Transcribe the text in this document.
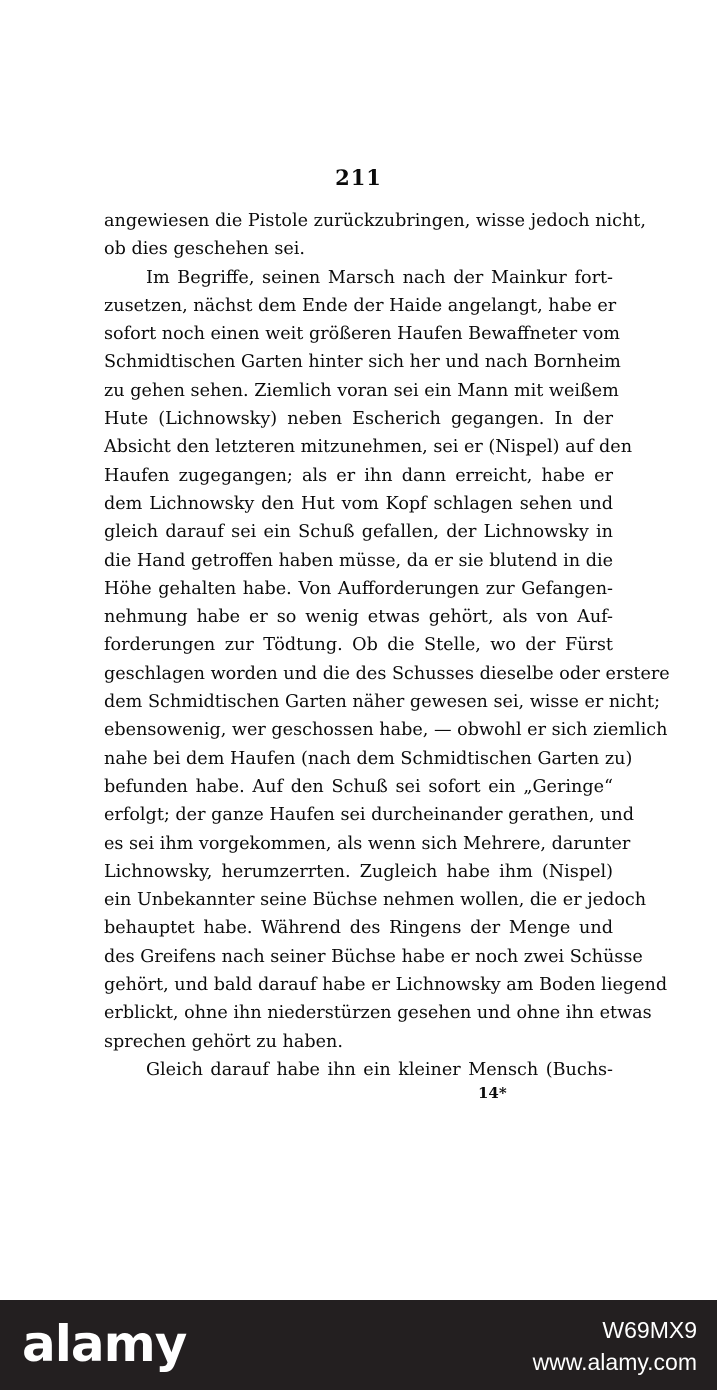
211
angewiesen die Pistole zurückzubringen, wisse jedoch nicht,
ob dies geschehen sei.
Im Begriffe, seinen Marsch nach der Mainkur fort-
zusetzen, nächst dem Ende der Haide angelangt, habe er
sofort noch einen weit größeren Haufen Bewaffneter vom
Schmidtischen Garten hinter sich her und nach Bornheim
zu gehen sehen. Ziemlich voran sei ein Mann mit weißem
Hute (Lichnowsky) neben Escherich gegangen. In der
Absicht den letzteren mitzunehmen, sei er (Nispel) auf den
Haufen zugegangen; als er ihn dann erreicht, habe er
dem Lichnowsky den Hut vom Kopf schlagen sehen und
gleich darauf sei ein Schuß gefallen, der Lichnowsky in
die Hand getroffen haben müsse, da er sie blutend in die
Höhe gehalten habe. Von Aufforderungen zur Gefangen-
nehmung habe er so wenig etwas gehört, als von Auf-
forderungen zur Tödtung. Ob die Stelle, wo der Fürst
geschlagen worden und die des Schusses dieselbe oder erstere
dem Schmidtischen Garten näher gewesen sei, wisse er nicht;
ebensowenig, wer geschossen habe, — obwohl er sich ziemlich
nahe bei dem Haufen (nach dem Schmidtischen Garten zu)
befunden habe. Auf den Schuß sei sofort ein „Geringe“
erfolgt; der ganze Haufen sei durcheinander gerathen, und
es sei ihm vorgekommen, als wenn sich Mehrere, darunter
Lichnowsky, herumzerrten. Zugleich habe ihm (Nispel)
ein Unbekannter seine Büchse nehmen wollen, die er jedoch
behauptet habe. Während des Ringens der Menge und
des Greifens nach seiner Büchse habe er noch zwei Schüsse
gehört, und bald darauf habe er Lichnowsky am Boden liegend
erblickt, ohne ihn niederstürzen gesehen und ohne ihn etwas
sprechen gehört zu haben.
Gleich darauf habe ihn ein kleiner Mensch (Buchs-
14*
alamy	W69MX9
www.alamy.com
